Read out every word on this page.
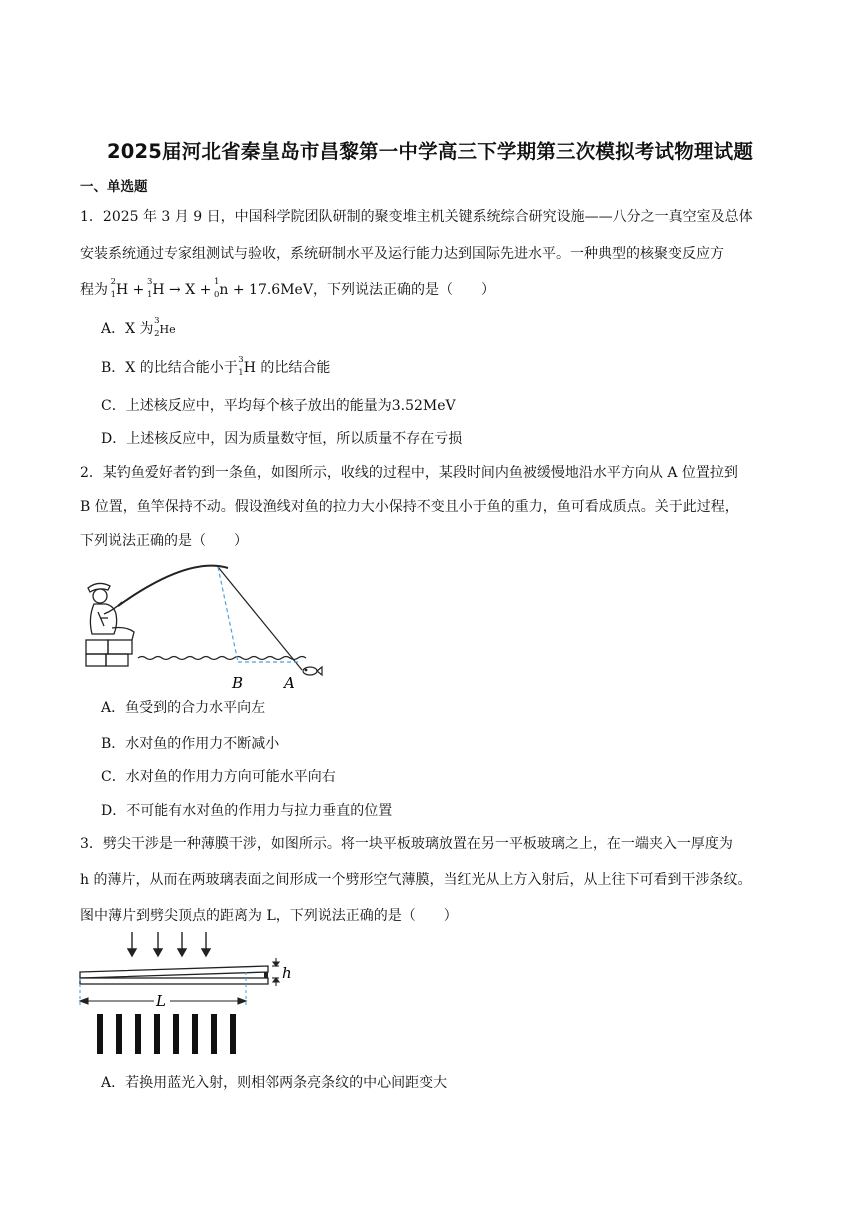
2025届河北省秦皇岛市昌黎第一中学高三下学期第三次模拟考试物理试题
一、单选题
1．2025 年 3 月 9 日，中国科学院团队研制的聚变堆主机关键系统综合研究设施——八分之一真空室及总体
安装系统通过专家组测试与验收，系统研制水平及运行能力达到国际先进水平。一种典型的核聚变反应方
程为 2
1 H + 3
1 H → X + 1
0 n + 17.6MeV，下列说法正确的是（　　）
A．X 为 3
2 He
B．X 的比结合能小于 3
1 H 的比结合能
C．上述核反应中，平均每个核子放出的能量为3.52MeV
D．上述核反应中，因为质量数守恒，所以质量不存在亏损
2．某钓鱼爱好者钓到一条鱼，如图所示，收线的过程中，某段时间内鱼被缓慢地沿水平方向从 A 位置拉到
B 位置，鱼竿保持不动。假设渔线对鱼的拉力大小保持不变且小于鱼的重力，鱼可看成质点。关于此过程，
下列说法正确的是（　　）
B	A
A．鱼受到的合力水平向左
B．水对鱼的作用力不断减小
C．水对鱼的作用力方向可能水平向右
D．不可能有水对鱼的作用力与拉力垂直的位置
3．劈尖干涉是一种薄膜干涉，如图所示。将一块平板玻璃放置在另一平板玻璃之上，在一端夹入一厚度为
h 的薄片，从而在两玻璃表面之间形成一个劈形空气薄膜，当红光从上方入射后，从上往下可看到干涉条纹。
图中薄片到劈尖顶点的距离为 L，下列说法正确的是（　　）
h
L
A．若换用蓝光入射，则相邻两条亮条纹的中心间距变大
